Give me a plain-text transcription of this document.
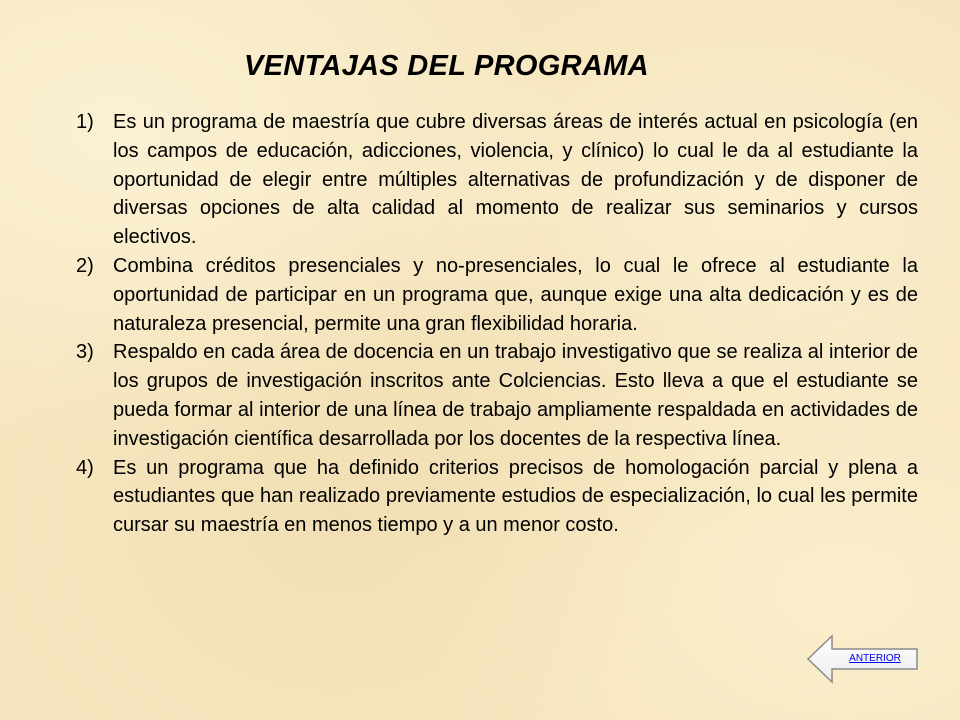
VENTAJAS DEL PROGRAMA
1) Es un programa de maestría que cubre diversas áreas de interés actual en psicología (en los campos de educación, adicciones, violencia, y clínico) lo cual le da al estudiante la oportunidad de elegir entre múltiples alternativas de profundización y de disponer de diversas opciones de alta calidad al momento de realizar sus seminarios y cursos electivos.
2) Combina créditos presenciales y no-presenciales, lo cual le ofrece al estudiante la oportunidad de participar en un programa que, aunque exige una alta dedicación y es de naturaleza presencial, permite una gran flexibilidad horaria.
3) Respaldo en cada área de docencia en un trabajo investigativo que se realiza al interior de los grupos de investigación inscritos ante Colciencias. Esto lleva a que el estudiante se pueda formar al interior de una línea de trabajo ampliamente respaldada en actividades de investigación científica desarrollada por los docentes de la respectiva línea.
4) Es un programa que ha definido criterios precisos de homologación parcial y plena a estudiantes que han realizado previamente estudios de especialización, lo cual les permite cursar su maestría en menos tiempo y a un menor costo.
ANTERIOR
